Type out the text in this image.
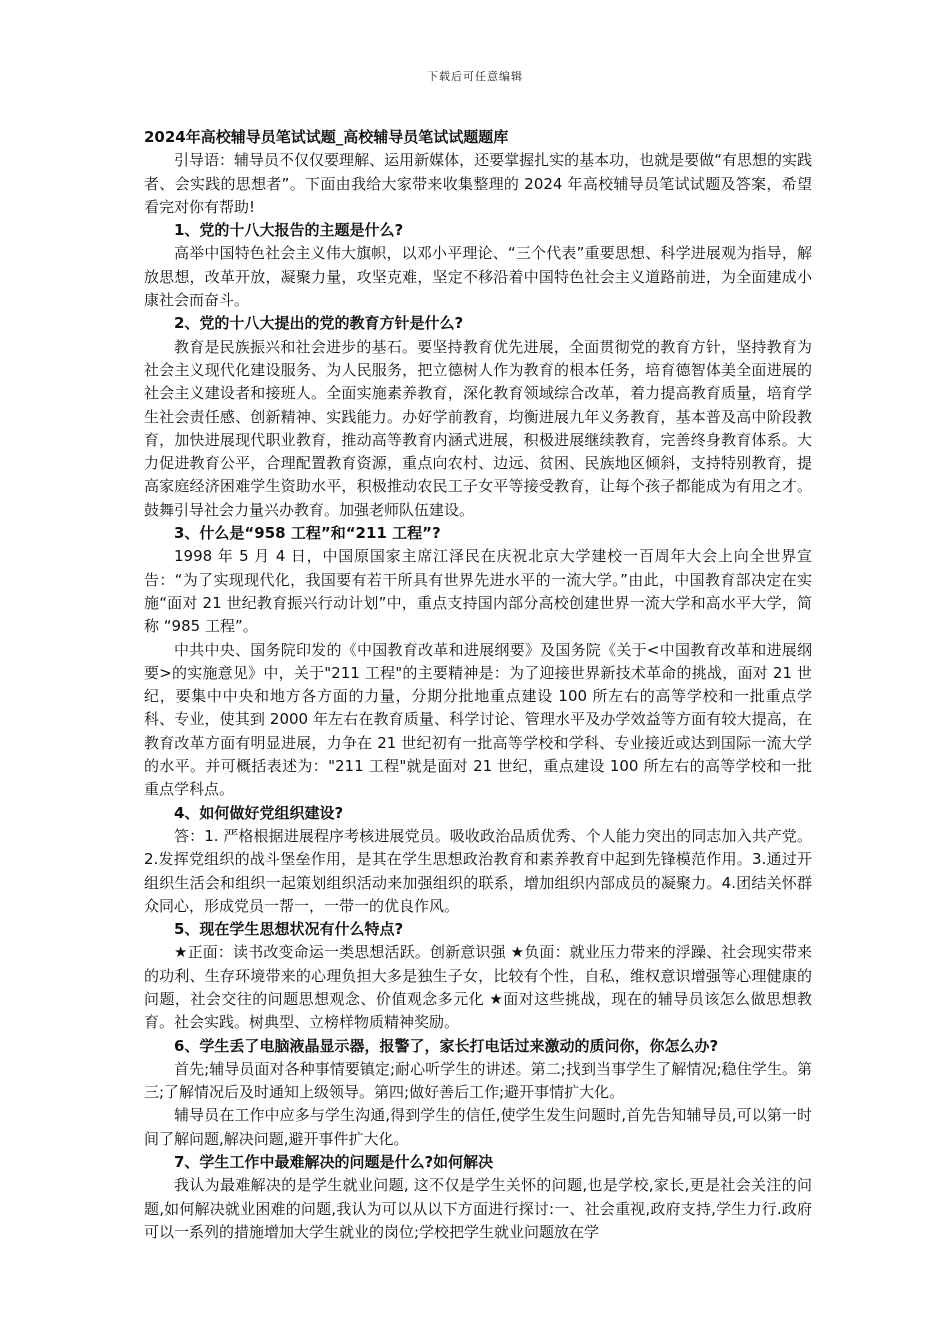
下载后可任意编辑

2024年高校辅导员笔试试题_高校辅导员笔试试题题库

引导语：辅导员不仅仅要理解、运用新媒体，还要掌握扎实的基本功，也就是要做“有思想的实践者、会实践的思想者”。下面由我给大家带来收集整理的 2024 年高校辅导员笔试试题及答案，希望看完对你有帮助!

1、党的十八大报告的主题是什么?

高举中国特色社会主义伟大旗帜，以邓小平理论、“三个代表”重要思想、科学进展观为指导，解放思想，改革开放，凝聚力量，攻坚克难，坚定不移沿着中国特色社会主义道路前进，为全面建成小康社会而奋斗。

2、党的十八大提出的党的教育方针是什么?

教育是民族振兴和社会进步的基石。要坚持教育优先进展，全面贯彻党的教育方针，坚持教育为社会主义现代化建设服务、为人民服务，把立德树人作为教育的根本任务，培育德智体美全面进展的社会主义建设者和接班人。全面实施素养教育，深化教育领域综合改革，着力提高教育质量，培育学生社会责任感、创新精神、实践能力。办好学前教育，均衡进展九年义务教育，基本普及高中阶段教育，加快进展现代职业教育，推动高等教育内涵式进展，积极进展继续教育，完善终身教育体系。大力促进教育公平，合理配置教育资源，重点向农村、边远、贫困、民族地区倾斜，支持特别教育，提高家庭经济困难学生资助水平，积极推动农民工子女平等接受教育，让每个孩子都能成为有用之才。鼓舞引导社会力量兴办教育。加强老师队伍建设。

3、什么是“958 工程”和“211 工程”?

1998 年 5 月 4 日，中国原国家主席江泽民在庆祝北京大学建校一百周年大会上向全世界宣告：“为了实现现代化，我国要有若干所具有世界先进水平的一流大学。”由此，中国教育部决定在实施“面对 21 世纪教育振兴行动计划”中，重点支持国内部分高校创建世界一流大学和高水平大学，简称 “985 工程”。

中共中央、国务院印发的《中国教育改革和进展纲要》及国务院《关于<中国教育改革和进展纲要>的实施意见》中，关于"211 工程"的主要精神是：为了迎接世界新技术革命的挑战，面对 21 世纪，要集中中央和地方各方面的力量，分期分批地重点建设 100 所左右的高等学校和一批重点学科、专业，使其到 2000 年左右在教育质量、科学讨论、管理水平及办学效益等方面有较大提高，在教育改革方面有明显进展，力争在 21 世纪初有一批高等学校和学科、专业接近或达到国际一流大学的水平。并可概括表述为："211 工程"就是面对 21 世纪，重点建设 100 所左右的高等学校和一批重点学科点。

4、如何做好党组织建设?

答：1. 严格根据进展程序考核进展党员。吸收政治品质优秀、个人能力突出的同志加入共产党。2.发挥党组织的战斗堡垒作用，是其在学生思想政治教育和素养教育中起到先锋模范作用。3.通过开组织生活会和组织一起策划组织活动来加强组织的联系，增加组织内部成员的凝聚力。4.团结关怀群众同心，形成党员一帮一，一带一的优良作风。

5、现在学生思想状况有什么特点?

★正面：读书改变命运一类思想活跃。创新意识强 ★负面：就业压力带来的浮躁、社会现实带来的功利、生存环境带来的心理负担大多是独生子女，比较有个性，自私，维权意识增强等心理健康的问题，社会交往的问题思想观念、价值观念多元化 ★面对这些挑战，现在的辅导员该怎么做思想教育。社会实践。树典型、立榜样物质精神奖励。

6、学生丢了电脑液晶显示器，报警了，家长打电话过来激动的质问你，你怎么办?

首先;辅导员面对各种事情要镇定;耐心听学生的讲述。第二;找到当事学生了解情况;稳住学生。第三;了解情况后及时通知上级领导。第四;做好善后工作;避开事情扩大化。

辅导员在工作中应多与学生沟通,得到学生的信任,使学生发生问题时,首先告知辅导员,可以第一时间了解问题,解决问题,避开事件扩大化。

7、学生工作中最难解决的问题是什么?如何解决

我认为最难解决的是学生就业问题, 这不仅是学生关怀的问题,也是学校,家长,更是社会关注的问题,如何解决就业困难的问题,我认为可以从以下方面进行探讨:一、社会重视,政府支持,学生力行.政府可以一系列的措施增加大学生就业的岗位;学校把学生就业问题放在学
